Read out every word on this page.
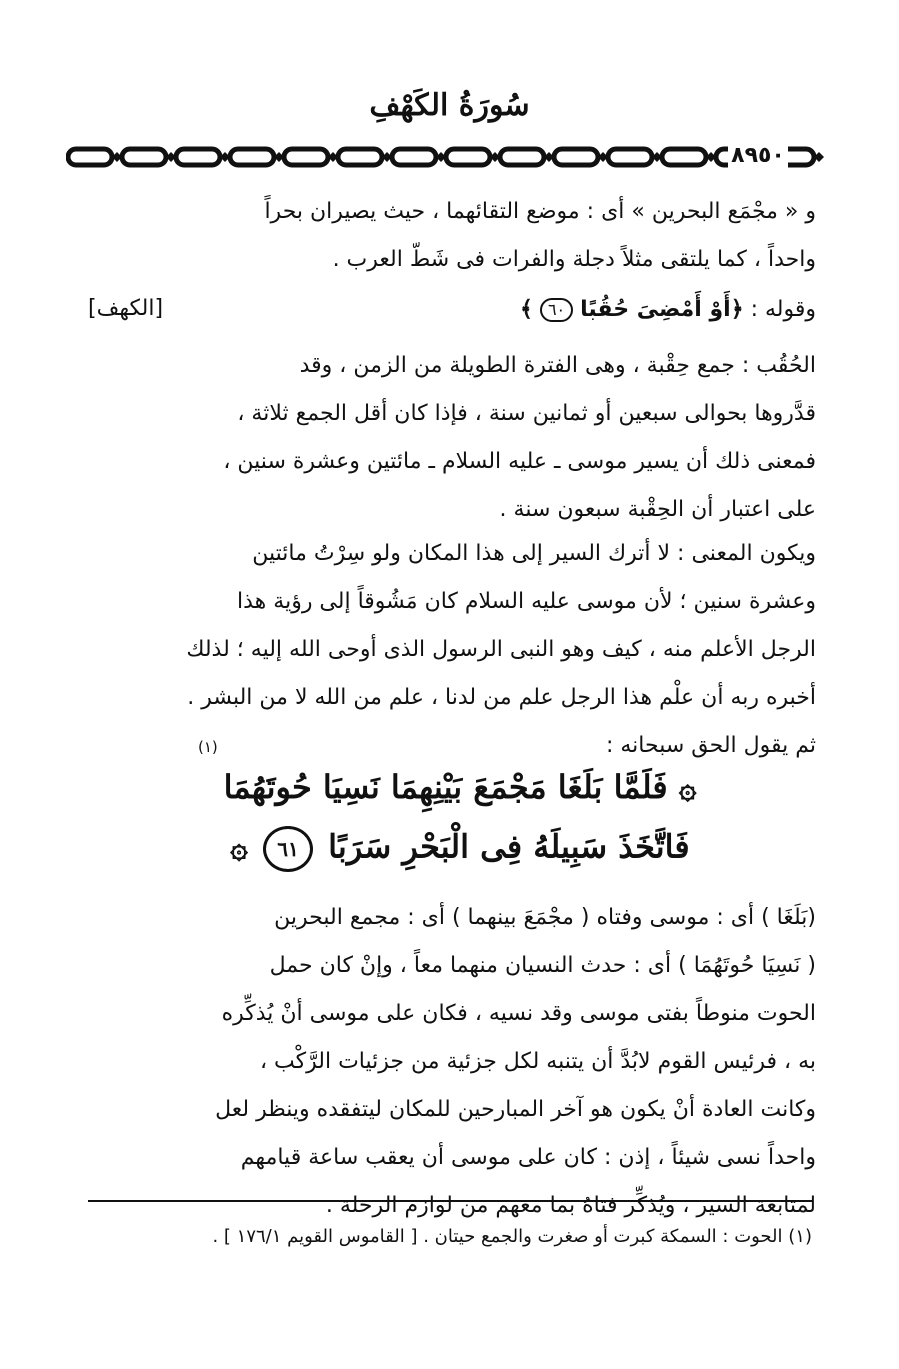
سُورَةُ الكَهْفِ
٨٩٥٠
و « مجْمَع البحرين » أى : موضع التقائهما ، حيث يصيران بحراً
واحداً ، كما يلتقى مثلاً دجلة والفرات فى شَطّ العرب .
وقوله : ﴿أَوْ أَمْضِىَ حُقُبًا ٦٠ ﴾
[الكهف]
الحُقُب : جمع حِقْبة ، وهى الفترة الطويلة من الزمن ، وقد
قدَّروها بحوالى سبعين أو ثمانين سنة ، فإذا كان أقل الجمع ثلاثة ،
فمعنى ذلك أن يسير موسى ـ عليه السلام ـ مائتين وعشرة سنين ،
على اعتبار أن الحِقْبة سبعون سنة .
ويكون المعنى : لا أترك السير إلى هذا المكان ولو سِرْتُ مائتين
وعشرة سنين ؛ لأن موسى عليه السلام كان مَشُوقاً إلى رؤية هذا
الرجل الأعلم منه ، كيف وهو النبى الرسول الذى أوحى الله إليه ؛ لذلك
أخبره ربه أن علْم هذا الرجل علم من لدنا ، علم من الله لا من البشر .
ثم يقول الحق سبحانه :
(١)
۞ فَلَمَّا بَلَغَا مَجْمَعَ بَيْنِهِمَا نَسِيَا حُوتَهُمَا
فَاتَّخَذَ سَبِيلَهُ فِى الْبَحْرِ سَرَبًا ٦١ ۞
(بَلَغَا ) أى : موسى وفتاه ( مجْمَعَ بينهما ) أى : مجمع البحرين
( نَسِيَا حُوتَهُمَا ) أى : حدث النسيان منهما معاً ، وإنْ كان حمل
الحوت منوطاً بفتى موسى وقد نسيه ، فكان على موسى أنْ يُذكِّره
به ، فرئيس القوم لابُدَّ أن يتنبه لكل جزئية من جزئيات الرَّكْب ،
وكانت العادة أنْ يكون هو آخر المبارحين للمكان ليتفقده وينظر لعل
واحداً نسى شيئاً ، إذن : كان على موسى أن يعقب ساعة قيامهم
لمتابعة السير ، ويُذكِّر فتاهُ بما معهم من لوازم الرحلة .
(١) الحوت : السمكة كبرت أو صغرت والجمع حيتان . [ القاموس القويم ١٧٦/١ ] .
